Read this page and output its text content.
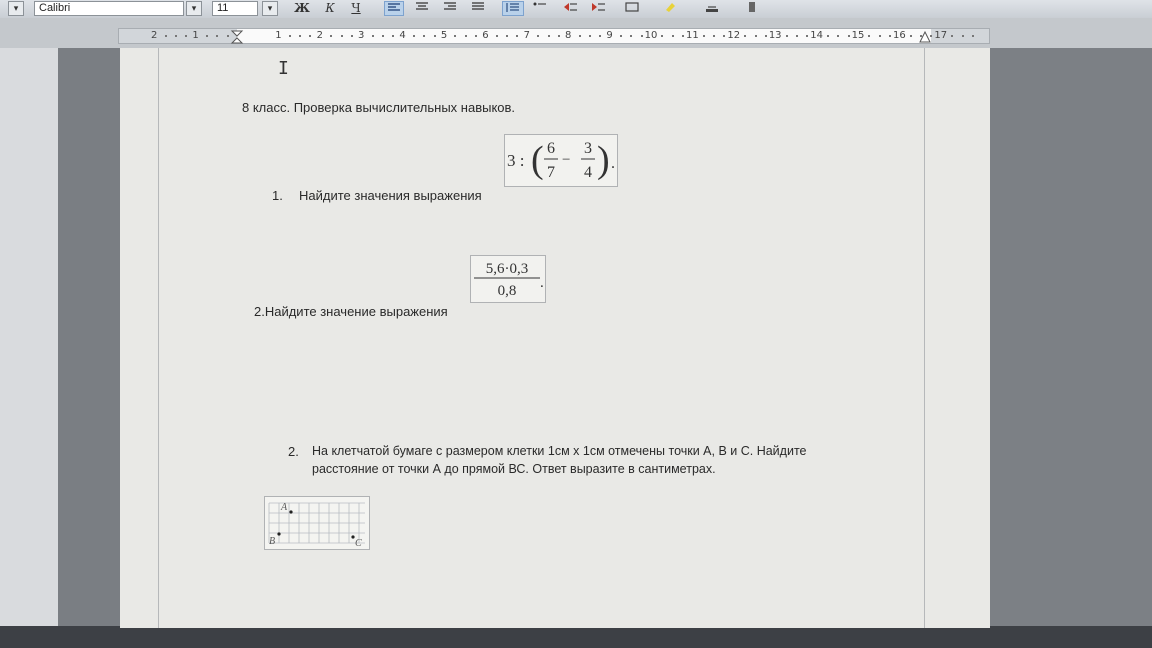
▾	Calibri	▾	11	▾	Ж К Ч
2	1	1	2	3	4	5	6	7	8	9	10	11	12	13	14	15	16	17
I
8 класс. Проверка вычислительных навыков.
3 : ( 6
7
−
3
4 ) .
1. Найдите значения выражения
5,6·0,3
0,8 .
2.Найдите значение выражения
2. На клетчатой бумаге с размером клетки 1см х 1см отмечены точки А, В и С. Найдите
расстояние от точки А до прямой ВС. Ответ выразите в сантиметрах.
A
B	C
